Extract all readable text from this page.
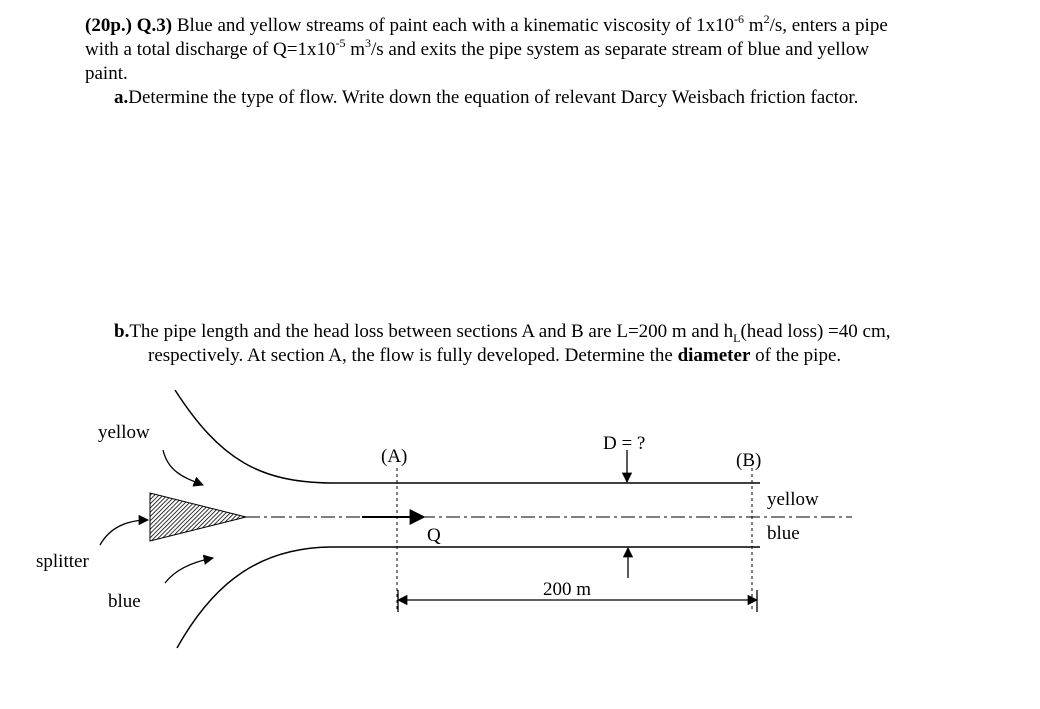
(20p.) Q.3) Blue and yellow streams of paint each with a kinematic viscosity of $1x10^{-6}$ $m^2/s$, enters a pipe
with a total discharge of $Q=1x10^{-5}$ $m^3/s$ and exits the pipe system as separate stream of blue and yellow
paint.
a.Determine the type of flow. Write down the equation of relevant Darcy Weisbach friction factor.
b.The pipe length and the head loss between sections A and B are L=200 m and $h_L(head$ loss) =40 cm,
respectively. At section A, the flow is fully developed. Determine the diameter of the pipe.
yellow
blue
splitter
(A)	(B)
D = ?
Q
200 m
yellow
blue
